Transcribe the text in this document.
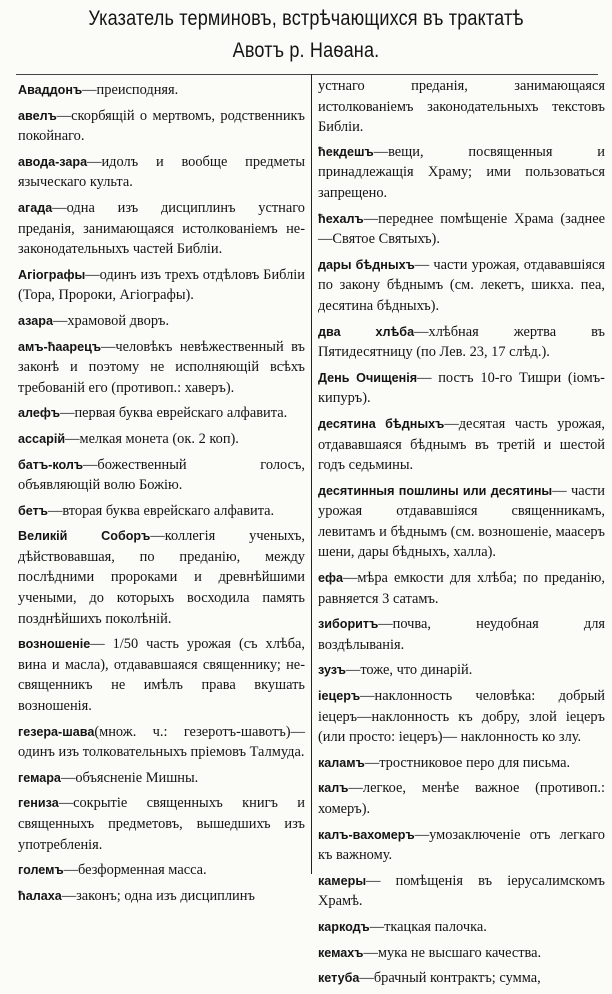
Указатель терминовъ, встрѣчающихся въ трактатѣ
Авотъ р. Наѳана.

Аваддонъ—преисподняя.

авелъ—скорбящій о мертвомъ, родственникъ покойнаго.

авода-зара—идолъ и вообще предметы языческаго культа.

агада—одна изъ дисциплинъ устнаго преданія, занимающаяся истолкованіемъ не-законодательныхъ частей Библіи.

Агіографы—одинъ изъ трехъ отдѣловъ Библіи (Тора, Пророки, Агіографы).

азара—храмовой дворъ.

амъ-ћаарецъ—человѣкъ невѣжественный въ законѣ и поэтому не исполняющій всѣхъ требованій его (противоп.: хаверъ).

алефъ—первая буква еврейскаго алфавита.

ассарій—мелкая монета (ок. 2 коп).

батъ-колъ—божественный голосъ, объявляющій волю Божію.

бетъ—вторая буква еврейскаго алфавита.

Великій Соборъ—коллегія ученыхъ, дѣйствовавшая, по преданію, между послѣдними пророками и древнѣйшими учеными, до которыхъ восходила память позднѣйшихъ поколѣній.

возношеніе— 1/50 часть урожая (съ хлѣба, вина и масла), отдававшаяся священнику; не-священникъ не имѣлъ права вкушать возношенія.

гезера-шава(множ. ч.: гезеротъ-шавотъ)—одинъ изъ толковательныхъ пріемовъ Талмуда.

гемара—объясненіе Мишны.

гениза—сокрытіе священныхъ книгъ и священныхъ предметовъ, вышедшихъ изъ употребленія.

големъ—безформенная масса.

ћалаха—законъ; одна изъ дисциплинъ

устнаго преданія, занимающаяся истолкованіемъ законодательныхъ текстовъ Библіи.

ћекдешъ—вещи, посвященныя и принадлежащія Храму; ими пользоваться запрещено.

ћехалъ—переднее помѣщеніе Храма (заднее—Святое Святыхъ).

дары бѣдныхъ— части урожая, отдававшіяся по закону бѣднымъ (см. лекетъ, шикха. пеа, десятина бѣдныхъ).

два хлѣба—хлѣбная жертва въ Пятидесятницу (по Лев. 23, 17 слѣд.).

День Очищенія— постъ 10-го Тишри (іомъ-кипуръ).

десятина бѣдныхъ—десятая часть урожая, отдававшаяся бѣднымъ въ третій и шестой годъ седьмины.

десятинныя пошлины или десятины— части урожая отдававшіяся священникамъ, левитамъ и бѣднымъ (см. возношеніе, маасеръ шени, дары бѣдныхъ, халла).

ефа—мѣра емкости для хлѣба; по преданію, равняется 3 сатамъ.

зиборитъ—почва, неудобная для воздѣлыванія.

зузъ—тоже, что динарій.

іецеръ—наклонность человѣка: добрый іецеръ—наклонность къ добру, злой іецеръ (или просто: іецеръ)— наклонность ко злу.

каламъ—тростниковое перо для письма.

калъ—легкое, менѣе важное (противоп.: хомеръ).

калъ-вахомеръ—умозаключеніе отъ легкаго къ важному.

камеры— помѣщенія въ іерусалимскомъ Храмѣ.

каркодъ—ткацкая палочка.

кемахъ—мука не высшаго качества.

кетуба—брачный контрактъ; сумма,
